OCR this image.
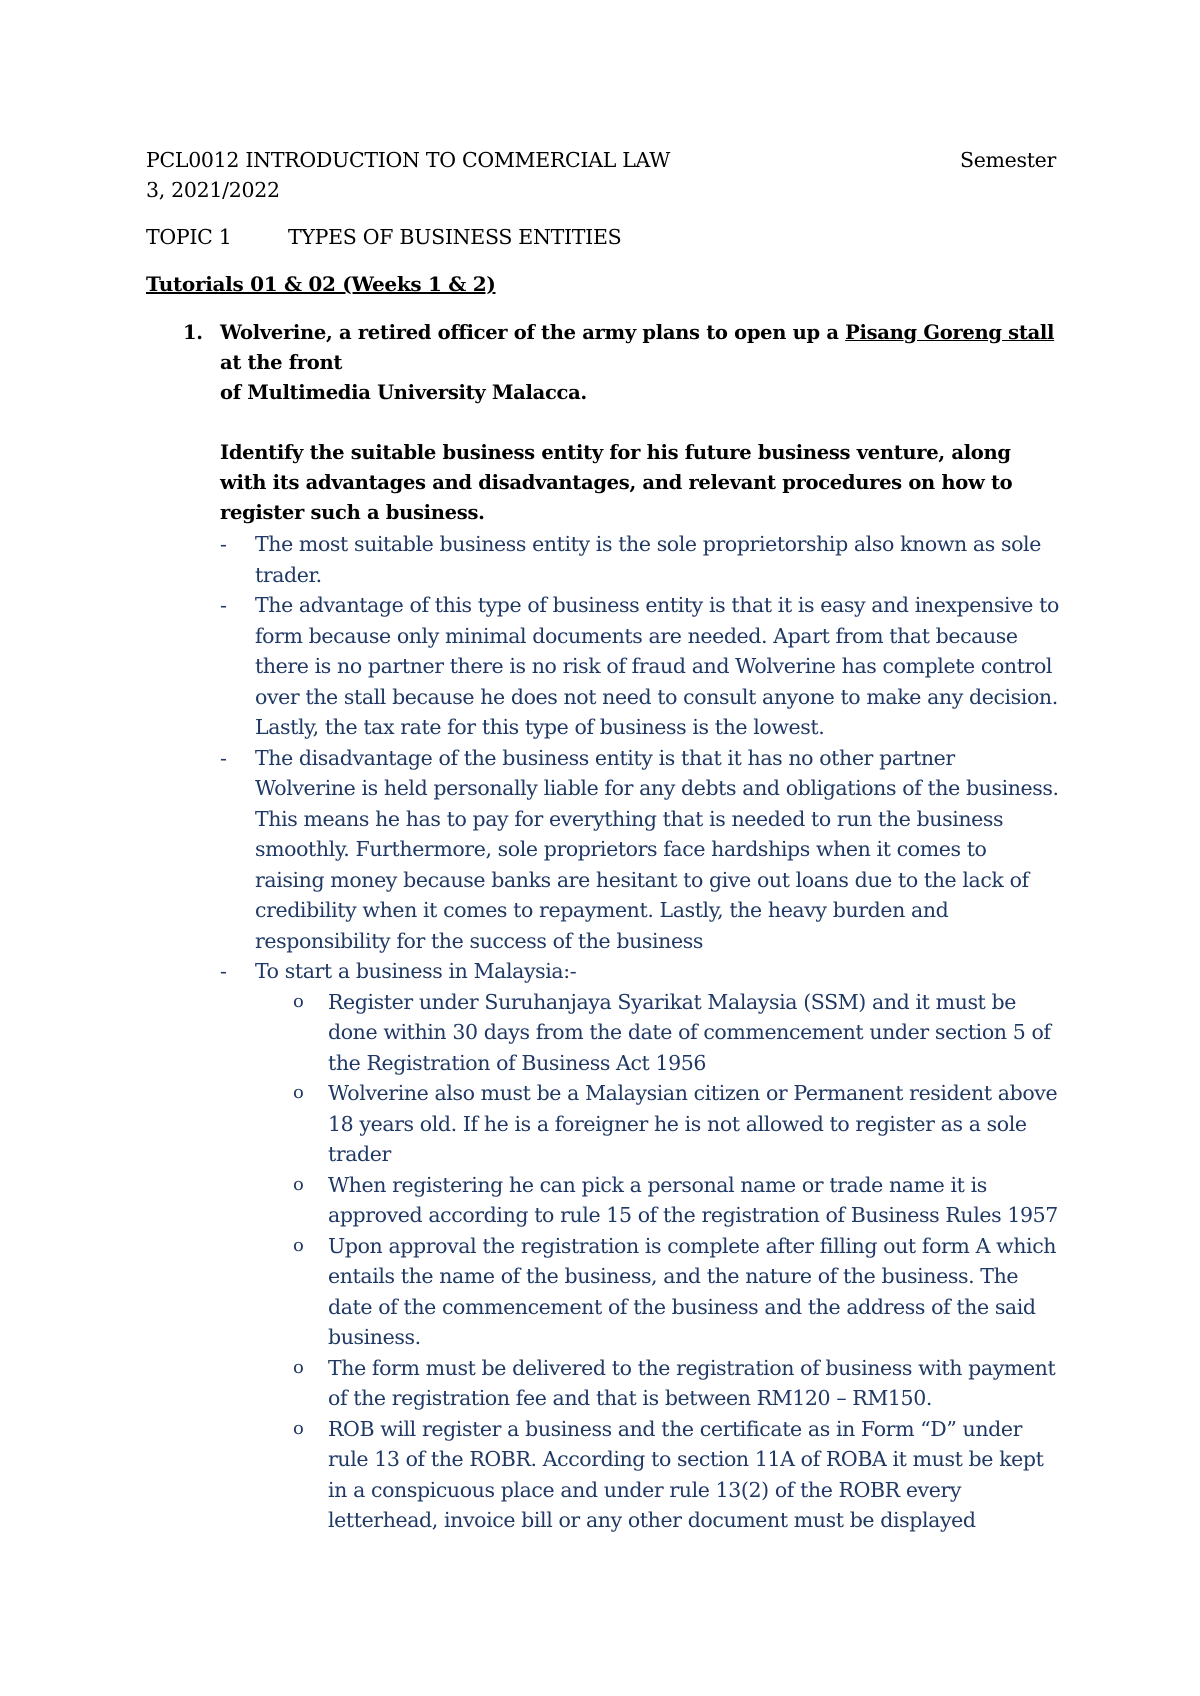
PCL0012 INTRODUCTION TO COMMERCIAL LAW	Semester
3, 2021/2022
TOPIC 1	TYPES OF BUSINESS ENTITIES
Tutorials 01 & 02 (Weeks 1 & 2)
1. Wolverine, a retired officer of the army plans to open up a Pisang Goreng stall at the front
of Multimedia University Malacca.
Identify the suitable business entity for his future business venture, along with its advantages and disadvantages, and relevant procedures on how to register such a business.
- The most suitable business entity is the sole proprietorship also known as sole trader.
- The advantage of this type of business entity is that it is easy and inexpensive to form because only minimal documents are needed. Apart from that because there is no partner there is no risk of fraud and Wolverine has complete control over the stall because he does not need to consult anyone to make any decision. Lastly, the tax rate for this type of business is the lowest.
- The disadvantage of the business entity is that it has no other partner Wolverine is held personally liable for any debts and obligations of the business. This means he has to pay for everything that is needed to run the business smoothly. Furthermore, sole proprietors face hardships when it comes to raising money because banks are hesitant to give out loans due to the lack of credibility when it comes to repayment. Lastly, the heavy burden and responsibility for the success of the business
- To start a business in Malaysia:-
o Register under Suruhanjaya Syarikat Malaysia (SSM) and it must be done within 30 days from the date of commencement under section 5 of the Registration of Business Act 1956
o Wolverine also must be a Malaysian citizen or Permanent resident above 18 years old. If he is a foreigner he is not allowed to register as a sole trader
o When registering he can pick a personal name or trade name it is approved according to rule 15 of the registration of Business Rules 1957
o Upon approval the registration is complete after filling out form A which entails the name of the business, and the nature of the business. The date of the commencement of the business and the address of the said business.
o The form must be delivered to the registration of business with payment of the registration fee and that is between RM120 – RM150.
o ROB will register a business and the certificate as in Form “D” under rule 13 of the ROBR. According to section 11A of ROBA it must be kept in a conspicuous place and under rule 13(2) of the ROBR every letterhead, invoice bill or any other document must be displayed
